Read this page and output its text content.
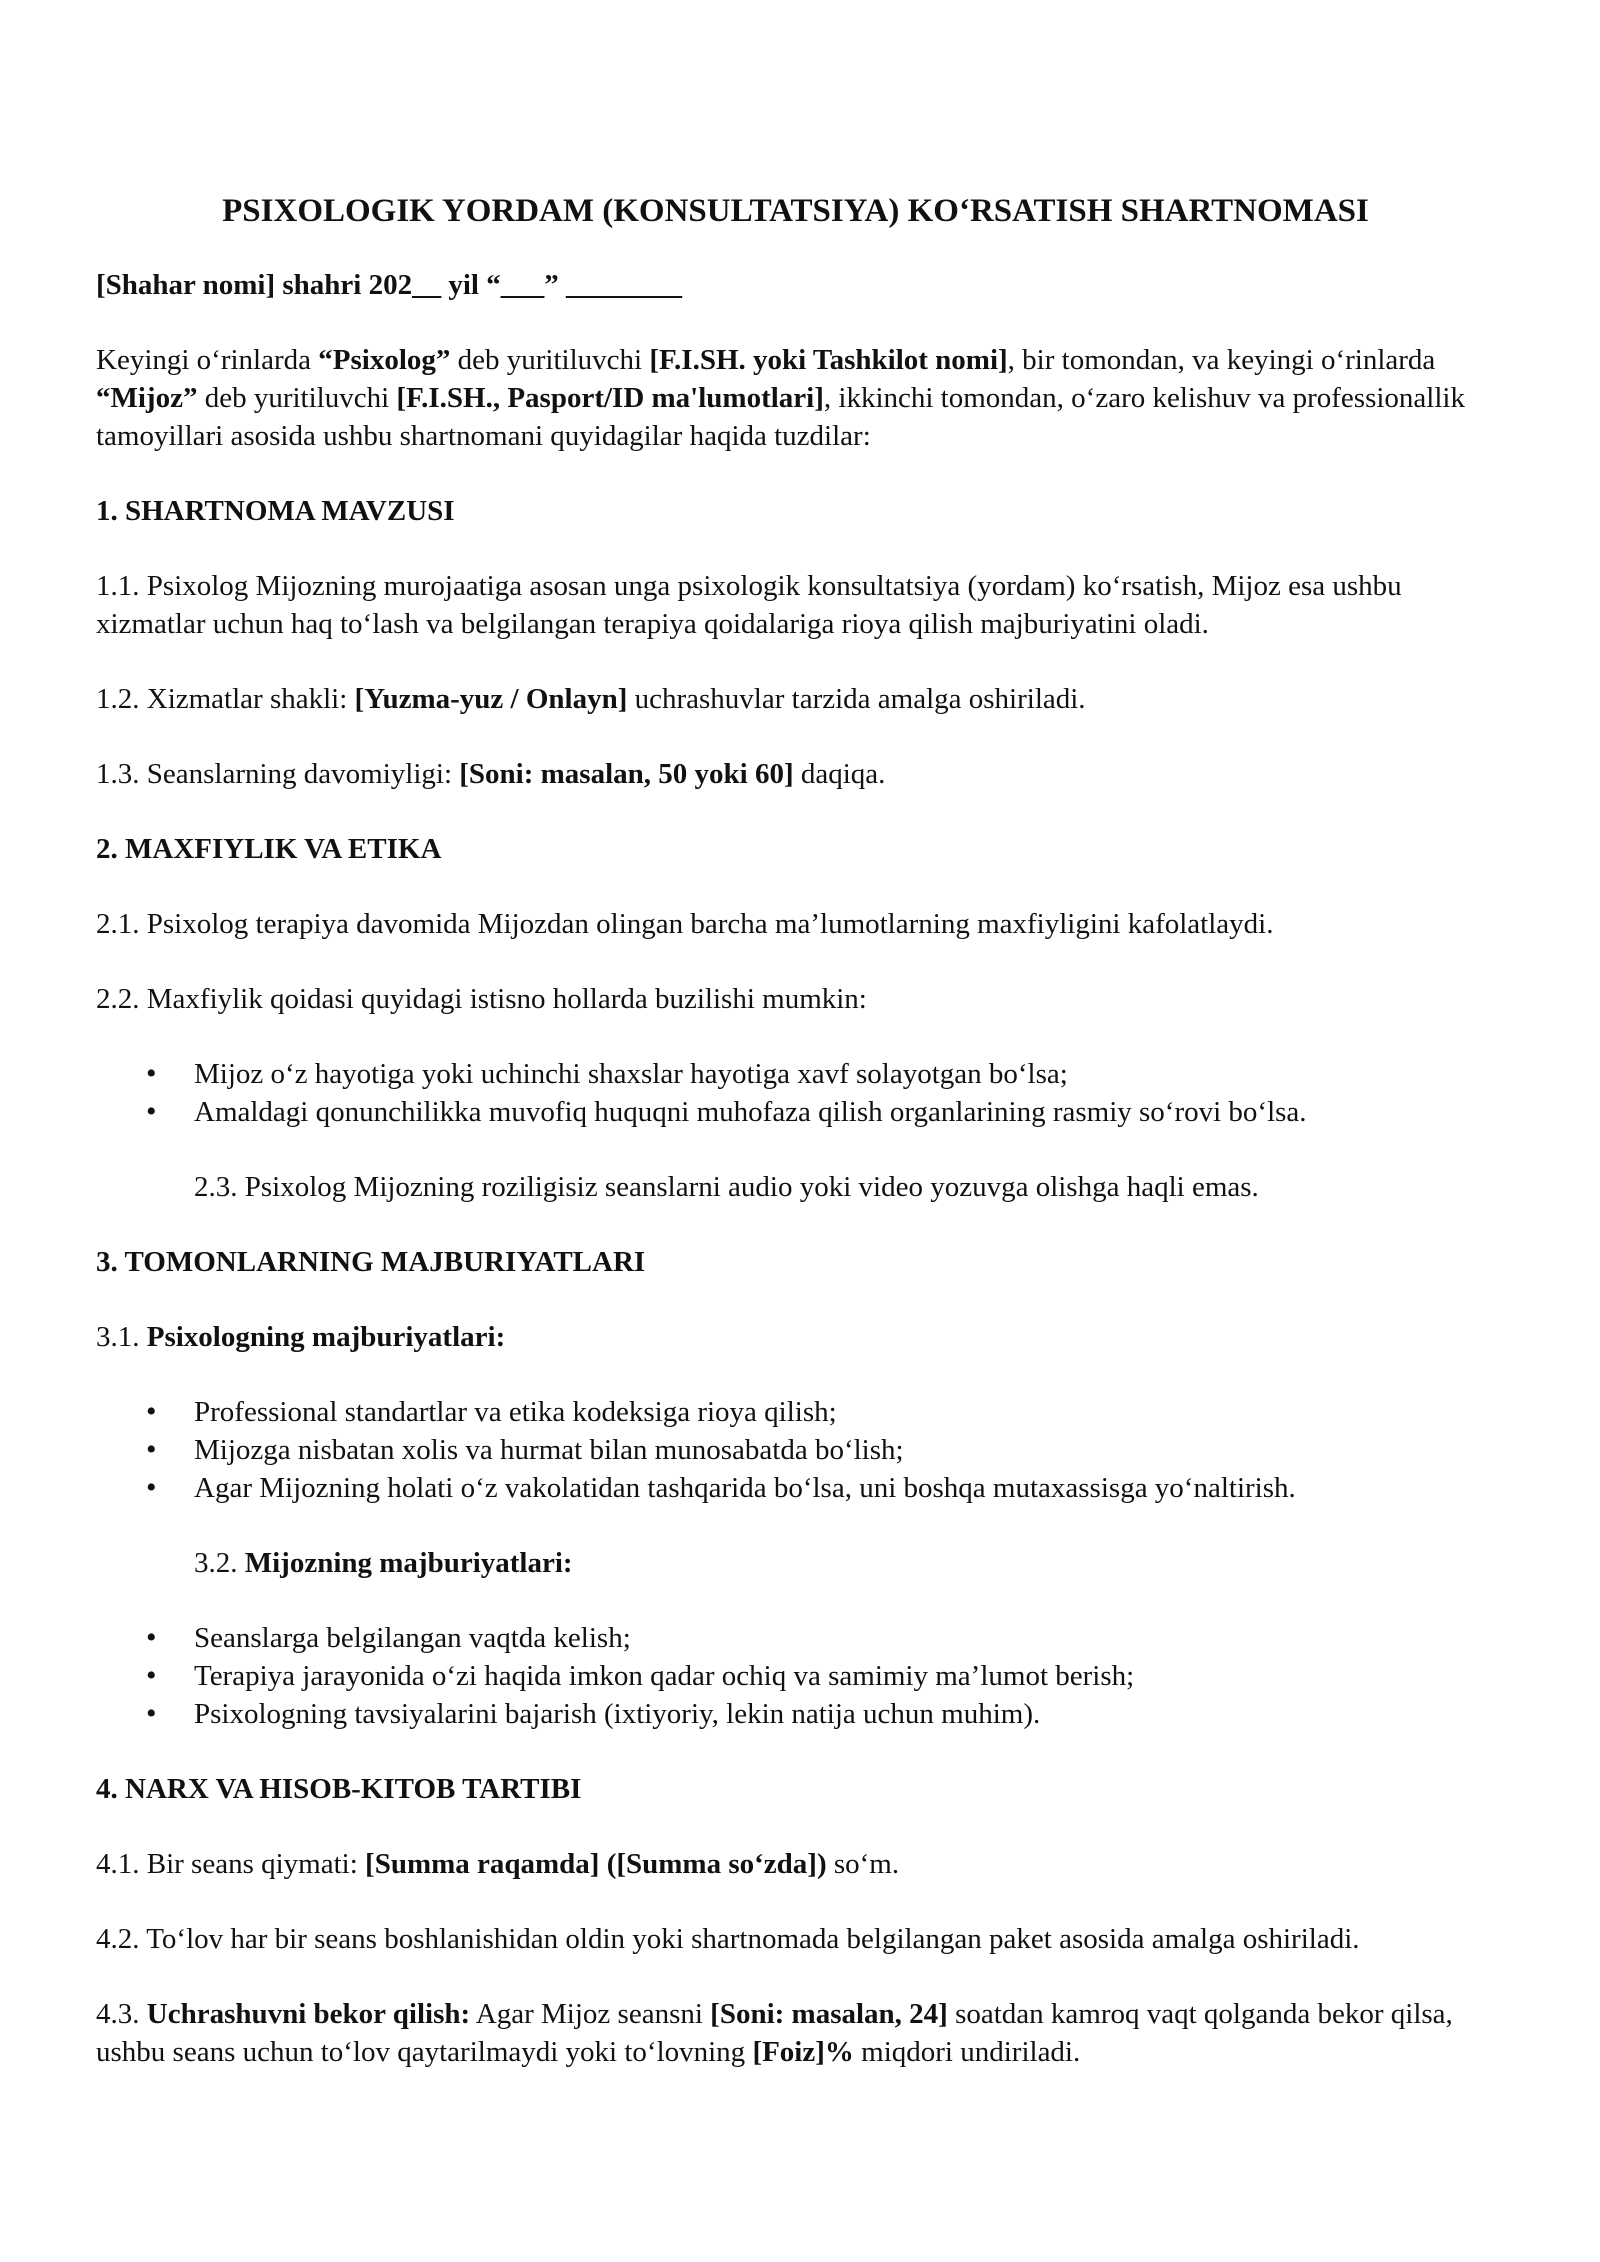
PSIXOLOGIK YORDAM (KONSULTATSIYA) KO‘RSATISH SHARTNOMASI

[Shahar nomi] shahri 202__ yil “___” ________

Keyingi o‘rinlarda “Psixolog” deb yuritiluvchi [F.I.SH. yoki Tashkilot nomi], bir tomondan, va keyingi o‘rinlarda “Mijoz” deb yuritiluvchi [F.I.SH., Pasport/ID ma'lumotlari], ikkinchi tomondan, o‘zaro kelishuv va professionallik tamoyillari asosida ushbu shartnomani quyidagilar haqida tuzdilar:

1. SHARTNOMA MAVZUSI

1.1. Psixolog Mijozning murojaatiga asosan unga psixologik konsultatsiya (yordam) ko‘rsatish, Mijoz esa ushbu xizmatlar uchun haq to‘lash va belgilangan terapiya qoidalariga rioya qilish majburiyatini oladi.

1.2. Xizmatlar shakli: [Yuzma-yuz / Onlayn] uchrashuvlar tarzida amalga oshiriladi.

1.3. Seanslarning davomiyligi: [Soni: masalan, 50 yoki 60] daqiqa.

2. MAXFIYLIK VA ETIKA

2.1. Psixolog terapiya davomida Mijozdan olingan barcha ma’lumotlarning maxfiyligini kafolatlaydi.

2.2. Maxfiylik qoidasi quyidagi istisno hollarda buzilishi mumkin:

• Mijoz o‘z hayotiga yoki uchinchi shaxslar hayotiga xavf solayotgan bo‘lsa;
• Amaldagi qonunchilikka muvofiq huquqni muhofaza qilish organlarining rasmiy so‘rovi bo‘lsa.

2.3. Psixolog Mijozning roziligisiz seanslarni audio yoki video yozuvga olishga haqli emas.

3. TOMONLARNING MAJBURIYATLARI

3.1. Psixologning majburiyatlari:

• Professional standartlar va etika kodeksiga rioya qilish;
• Mijozga nisbatan xolis va hurmat bilan munosabatda bo‘lish;
• Agar Mijozning holati o‘z vakolatidan tashqarida bo‘lsa, uni boshqa mutaxassisga yo‘naltirish.

3.2. Mijozning majburiyatlari:

• Seanslarga belgilangan vaqtda kelish;
• Terapiya jarayonida o‘zi haqida imkon qadar ochiq va samimiy ma’lumot berish;
• Psixologning tavsiyalarini bajarish (ixtiyoriy, lekin natija uchun muhim).
4. NARX VA HISOB-KITOB TARTIBI

4.1. Bir seans qiymati: [Summa raqamda] ([Summa so‘zda]) so‘m.

4.2. To‘lov har bir seans boshlanishidan oldin yoki shartnomada belgilangan paket asosida amalga oshiriladi.

4.3. Uchrashuvni bekor qilish: Agar Mijoz seansni [Soni: masalan, 24] soatdan kamroq vaqt qolganda bekor qilsa, ushbu seans uchun to‘lov qaytarilmaydi yoki to‘lovning [Foiz]% miqdori undiriladi.
